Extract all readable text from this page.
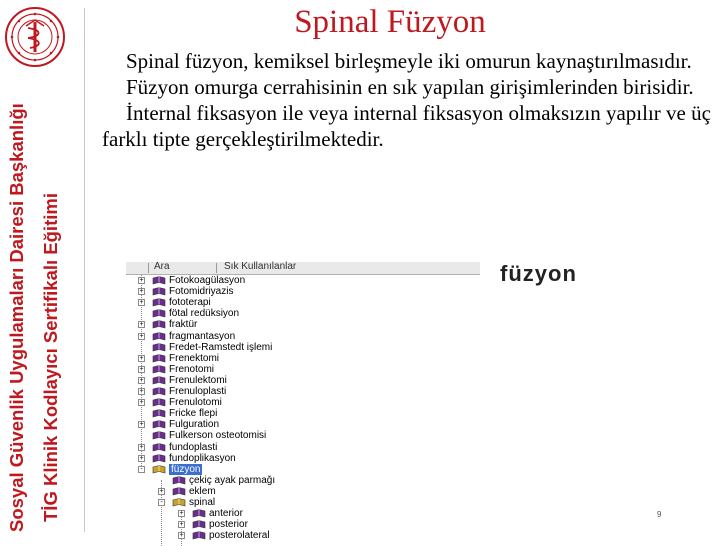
Sosyal Güvenlik Uygulamaları Dairesi Başkanlığı TİG Klinik Kodlayıcı Sertifikalı Eğitimi
Spinal Füzyon

Spinal füzyon, kemiksel birleşmeyle iki omurun kaynaştırılmasıdır.

Füzyon omurga cerrahisinin en sık yapılan girişimlerinden birisidir.

İnternal fiksasyon ile veya internal fiksasyon olmaksızın yapılır ve üç farklı tipte gerçekleştirilmektedir.

Ara	Sık Kullanılanlar
+	Fotokoagülasyon
+	Fotomidriyazis
+	fototerapi
fötal redüksiyon
+	fraktür
+	fragmantasyon
Fredet-Ramstedt işlemi
+	Frenektomi
+	Frenotomi
+	Frenulektomi
+	Frenuloplasti
+	Frenulotomi
Fricke flepi
+	Fulguration
Fulkerson osteotomisi
+	fundoplasti
+	fundoplikasyon
-	füzyon
çekiç ayak parmağı
+	eklem
-	spinal
+	anterior
+	posterior
+	posterolateral
füzyon
9
